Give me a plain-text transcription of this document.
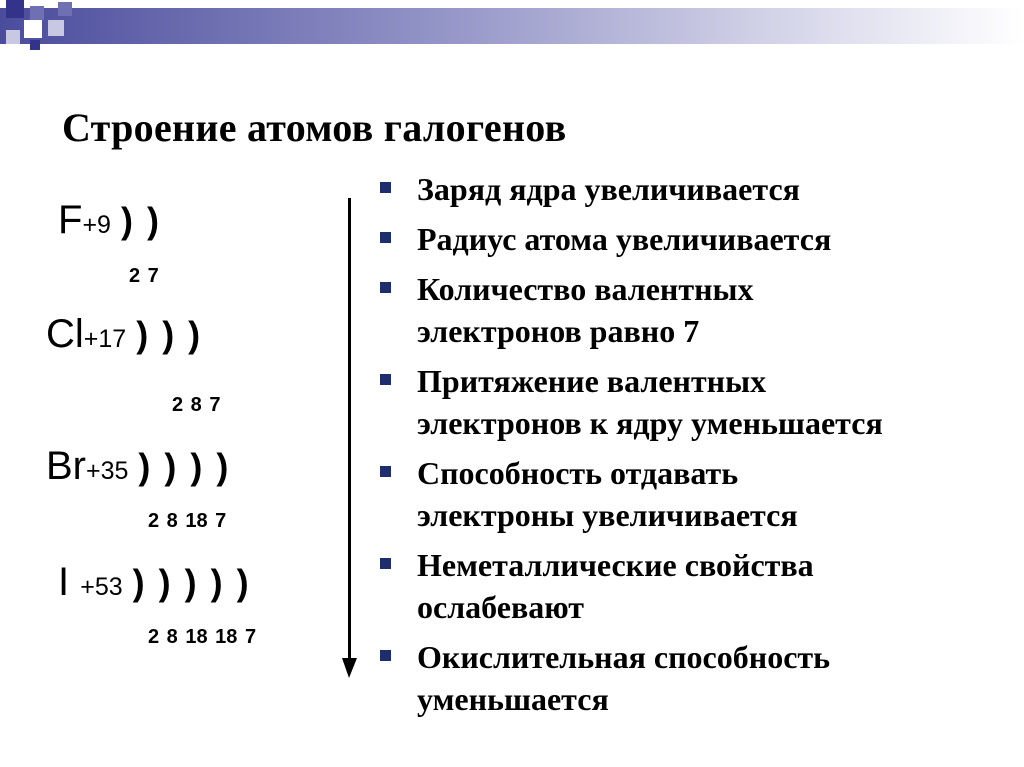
Строение атомов галогенов
F+9 ) )
2 7
Cl+17 ) ) )
2 8 7
Br+35 ) ) ) )
2 8 18 7
I +53 ) ) ) ) )
2 8 18 18 7
Заряд ядра увеличивается
Радиус атома увеличивается
Количество валентных
электронов равно 7
Притяжение валентных
электронов к ядру уменьшается
Способность отдавать
электроны увеличивается
Неметаллические свойства
ослабевают
Окислительная способность
уменьшается
